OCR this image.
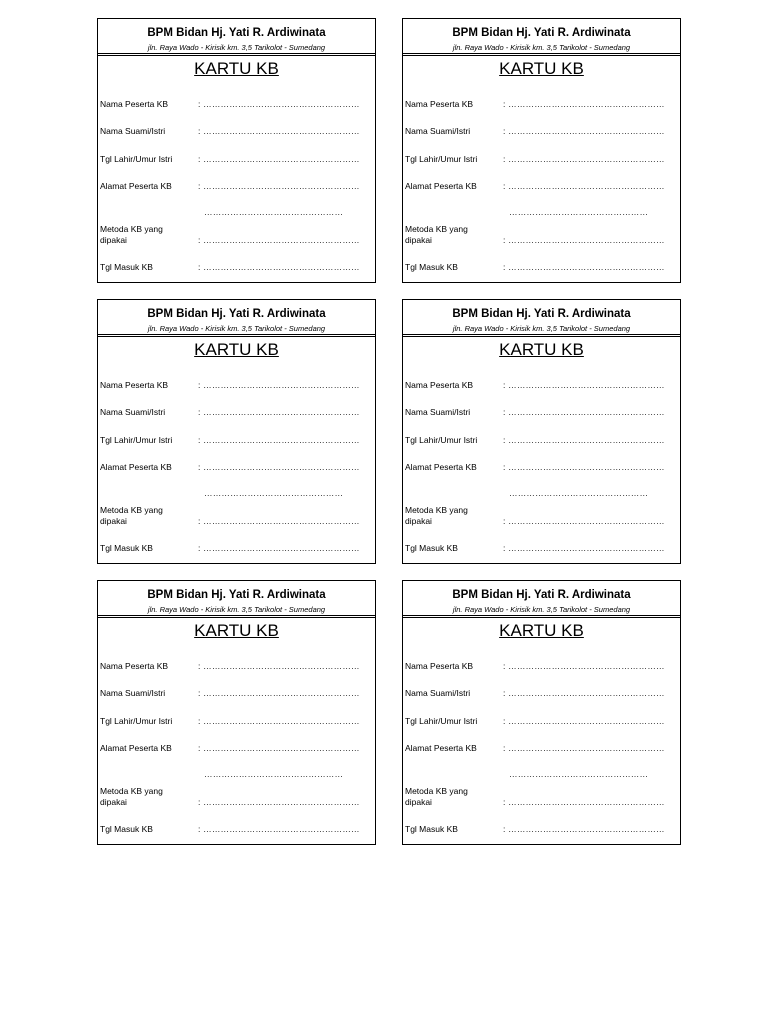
BPM Bidan Hj. Yati R. Ardiwinata
jln. Raya Wado - Kirisik km. 3,5 Tarikolot - Sumedang
KARTU KB
Nama Peserta KB	: ………………………………………………
Nama Suami/Istri	: ………………………………………………
Tgl Lahir/Umur Istri	: ………………………………………………
Alamat Peserta KB	: ………………………………………………
…………………………………………
Metoda KB yang
dipakai	: ………………………………………………
Tgl Masuk KB	: ………………………………………………
BPM Bidan Hj. Yati R. Ardiwinata
jln. Raya Wado - Kirisik km. 3,5 Tarikolot - Sumedang
KARTU KB
Nama Peserta KB	: ………………………………………………
Nama Suami/Istri	: ………………………………………………
Tgl Lahir/Umur Istri	: ………………………………………………
Alamat Peserta KB	: ………………………………………………
…………………………………………
Metoda KB yang
dipakai	: ………………………………………………
Tgl Masuk KB	: ………………………………………………
BPM Bidan Hj. Yati R. Ardiwinata
jln. Raya Wado - Kirisik km. 3,5 Tarikolot - Sumedang
KARTU KB
Nama Peserta KB	: ………………………………………………
Nama Suami/Istri	: ………………………………………………
Tgl Lahir/Umur Istri	: ………………………………………………
Alamat Peserta KB	: ………………………………………………
…………………………………………
Metoda KB yang
dipakai	: ………………………………………………
Tgl Masuk KB	: ………………………………………………
BPM Bidan Hj. Yati R. Ardiwinata
jln. Raya Wado - Kirisik km. 3,5 Tarikolot - Sumedang
KARTU KB
Nama Peserta KB	: ………………………………………………
Nama Suami/Istri	: ………………………………………………
Tgl Lahir/Umur Istri	: ………………………………………………
Alamat Peserta KB	: ………………………………………………
…………………………………………
Metoda KB yang
dipakai	: ………………………………………………
Tgl Masuk KB	: ………………………………………………
BPM Bidan Hj. Yati R. Ardiwinata
jln. Raya Wado - Kirisik km. 3,5 Tarikolot - Sumedang
KARTU KB
Nama Peserta KB	: ………………………………………………
Nama Suami/Istri	: ………………………………………………
Tgl Lahir/Umur Istri	: ………………………………………………
Alamat Peserta KB	: ………………………………………………
…………………………………………
Metoda KB yang
dipakai	: ………………………………………………
Tgl Masuk KB	: ………………………………………………
BPM Bidan Hj. Yati R. Ardiwinata
jln. Raya Wado - Kirisik km. 3,5 Tarikolot - Sumedang
KARTU KB
Nama Peserta KB	: ………………………………………………
Nama Suami/Istri	: ………………………………………………
Tgl Lahir/Umur Istri	: ………………………………………………
Alamat Peserta KB	: ………………………………………………
…………………………………………
Metoda KB yang
dipakai	: ………………………………………………
Tgl Masuk KB	: ………………………………………………
